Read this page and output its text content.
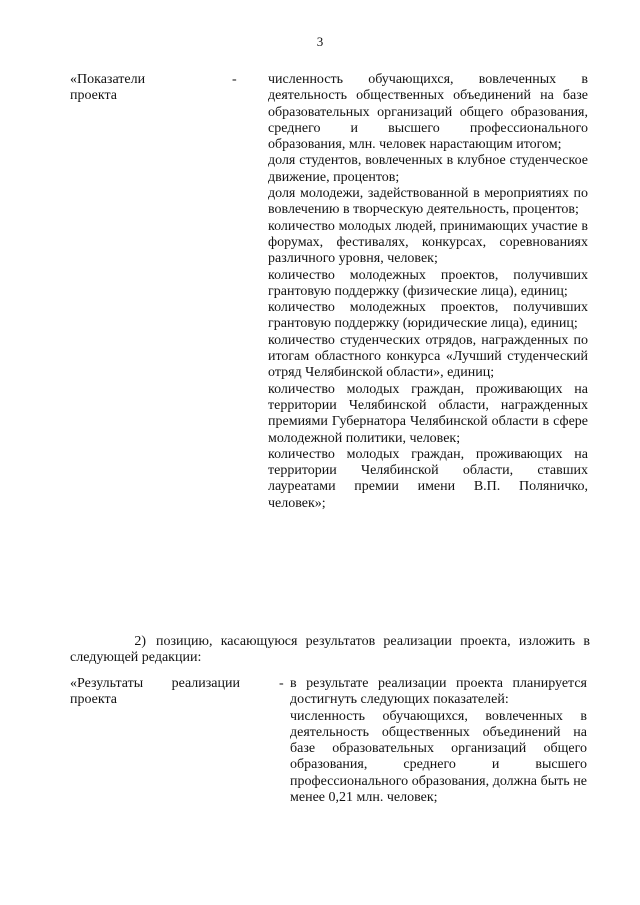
3
«Показатели
проекта
- численность обучающихся, вовлеченных в деятельность общественных объединений на базе образовательных организаций общего образования, среднего и высшего профессионального образования, млн. человек нарастающим итогом;
доля студентов, вовлеченных в клубное студенческое движение, процентов;
доля молодежи, задействованной в мероприятиях по вовлечению в творческую деятельность, процентов;
количество молодых людей, принимающих участие в форумах, фестивалях, конкурсах, соревнованиях различного уровня, человек;
количество молодежных проектов, получивших грантовую поддержку (физические лица), единиц;
количество молодежных проектов, получивших грантовую поддержку (юридические лица), единиц;
количество студенческих отрядов, награжденных по итогам областного конкурса «Лучший студенческий отряд Челябинской области», единиц;
количество молодых граждан, проживающих на территории Челябинской области, награжденных премиями Губернатора Челябинской области в сфере молодежной политики, человек;
количество молодых граждан, проживающих на территории Челябинской области, ставших лауреатами премии имени В.П. Поляничко, человек»;
2) позицию, касающуюся результатов реализации проекта, изложить в
следующей редакции:
«Результаты реализации
проекта
- в результате реализации проекта планируется достигнуть следующих показателей:
численность обучающихся, вовлеченных в деятельность общественных объединений на базе образовательных организаций общего образования, среднего и высшего профессионального образования, должна быть не менее 0,21 млн. человек;
